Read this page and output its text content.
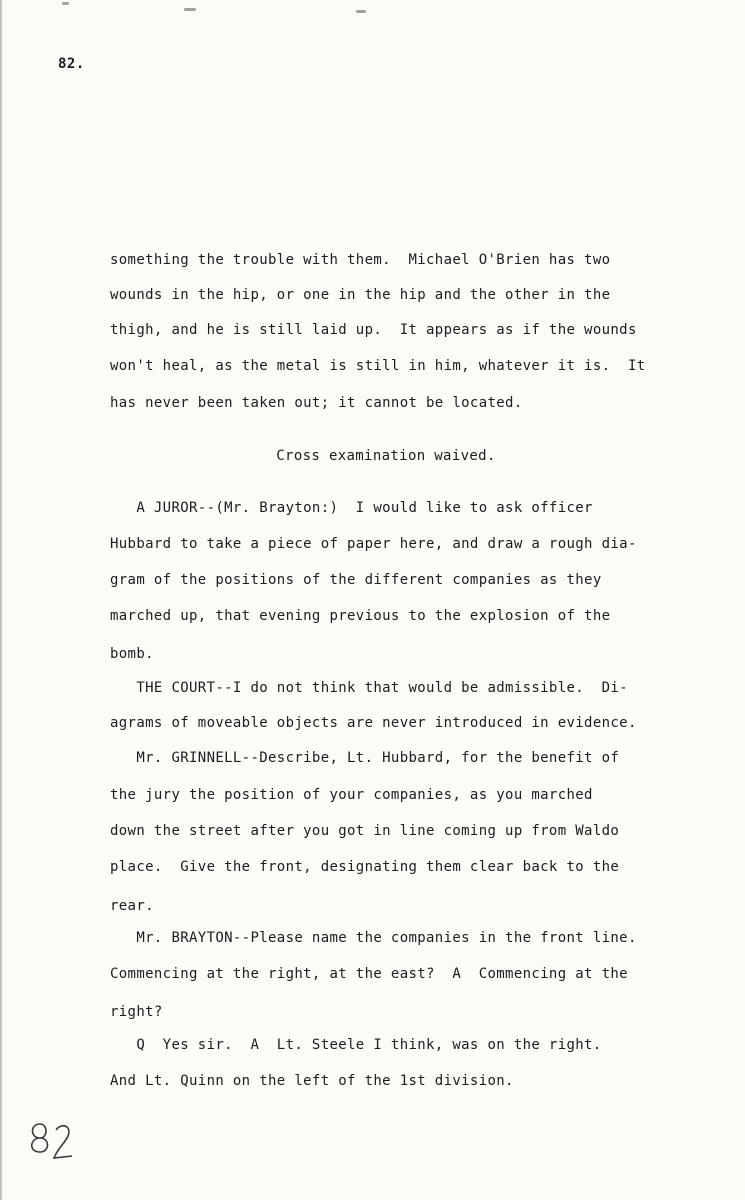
82.
something the trouble with them.  Michael O'Brien has two
wounds in the hip, or one in the hip and the other in the
thigh, and he is still laid up.  It appears as if the wounds
won't heal, as the metal is still in him, whatever it is.  It
has never been taken out; it cannot be located.
Cross examination waived.
A JUROR--(Mr. Brayton:)  I would like to ask officer
Hubbard to take a piece of paper here, and draw a rough dia-
gram of the positions of the different companies as they
marched up, that evening previous to the explosion of the
bomb.
THE COURT--I do not think that would be admissible.  Di-
agrams of moveable objects are never introduced in evidence.
Mr. GRINNELL--Describe, Lt. Hubbard, for the benefit of
the jury the position of your companies, as you marched
down the street after you got in line coming up from Waldo
place.  Give the front, designating them clear back to the
rear.
Mr. BRAYTON--Please name the companies in the front line.
Commencing at the right, at the east?  A  Commencing at the
right?
Q  Yes sir.  A  Lt. Steele I think, was on the right.
And Lt. Quinn on the left of the 1st division.
